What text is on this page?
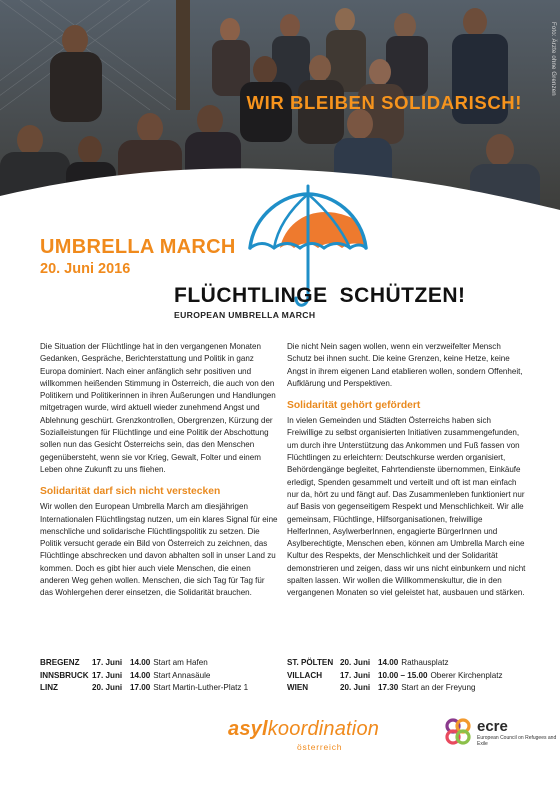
Foto: Ärzte ohne Grenzen
WIR BLEIBEN SOLIDARISCH!
UMBRELLA MARCH
20. Juni 2016
FLÜCHTLINGE SCHÜTZEN!
EUROPEAN UMBRELLA MARCH

Die Situation der Flüchtlinge hat in den vergangenen Monaten Gedanken, Gespräche, Berichterstattung und Politik in ganz Europa dominiert. Nach einer anfänglich sehr positiven und willkommen heißenden Stimmung in Österreich, die auch von den Politikern und Politikerinnen in ihren Äußerungen und Handlungen mitgetragen wurde, wird aktuell wieder zunehmend Angst und Ablehnung geschürt. Grenzkontrollen, Obergrenzen, Kürzung der Sozialleistungen für Flüchtlinge und eine Politik der Abschottung sollen nun das Gesicht Österreichs sein, das den Menschen gegenübersteht, wenn sie vor Krieg, Gewalt, Folter und einem Leben ohne Zukunft zu uns fliehen.

Solidarität darf sich nicht verstecken

Wir wollen den European Umbrella March am diesjährigen Internationalen Flüchtlingstag nutzen, um ein klares Signal für eine menschliche und solidarische Flüchtlingspolitik zu setzen. Die Politik versucht gerade ein Bild von Österreich zu zeichnen, das Flüchtlinge abschrecken und davon abhalten soll in unser Land zu kommen. Doch es gibt hier auch viele Menschen, die einen anderen Weg gehen wollen. Menschen, die sich Tag für Tag für das Wohlergehen derer einsetzen, die Solidarität brauchen.

Die nicht Nein sagen wollen, wenn ein verzweifelter Mensch Schutz bei ihnen sucht. Die keine Grenzen, keine Hetze, keine Angst in ihrem eigenen Land etablieren wollen, sondern Offenheit, Aufklärung und Perspektiven.

Solidarität gehört gefördert

In vielen Gemeinden und Städten Österreichs haben sich Freiwillige zu selbst organisierten Initiativen zusammengefunden, um durch ihre Unterstützung das Ankommen und Fuß fassen von Flüchtlingen zu erleichtern: Deutschkurse werden organisiert, Behördengänge begleitet, Fahrtendienste übernommen, Einkäufe erledigt, Spenden gesammelt und verteilt und oft ist man einfach nur da, hört zu und fängt auf. Das Zusammenleben funktioniert nur auf Basis von gegenseitigem Respekt und Menschlichkeit. Wir alle gemeinsam, Flüchtlinge, Hilfsorganisationen, freiwillige HelferInnen, AsylwerberInnen, engagierte BürgerInnen und Asylberechtigte, Menschen eben, können am Umbrella March eine Kultur des Respekts, der Menschlichkeit und der Solidarität demonstrieren und zeigen, dass wir uns nicht einbunkern und nicht spalten lassen. Wir wollen die Willkommenskultur, die in den vergangenen Monaten so viel geleistet hat, ausbauen und stärken.

BREGENZ	17. Juni 14.00 Start am Hafen
INNSBRUCK 17. Juni 14.00 Start Annasäule
LINZ	20. Juni 17.00 Start Martin-Luther-Platz 1
ST. PÖLTEN 20. Juni 14.00 Rathausplatz
VILLACH	17. Juni 10.00 – 15.00 Oberer Kirchenplatz
WIEN	20. Juni 17.30 Start an der Freyung
asylkoordination
österreich
ecre
European Council on Refugees and Exile
